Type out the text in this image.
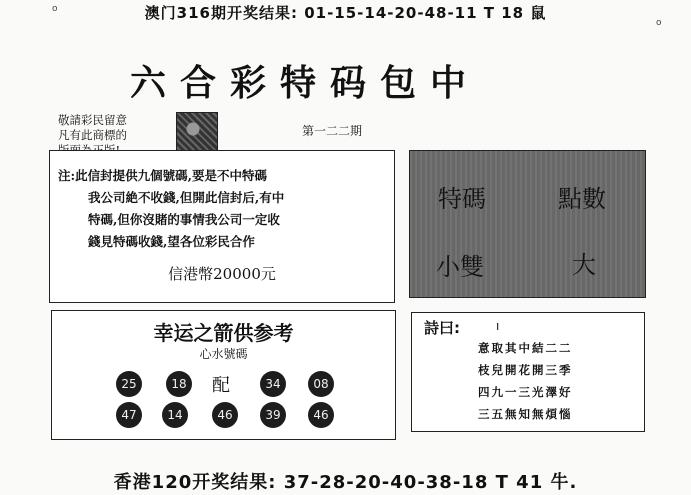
澳门316期开奖结果: 01-15-14-20-48-11 T 18 鼠
o
o
六合彩特码包中
敬請彩民留意
凡有此商標的	第一二二期
注:此信封提供九個號碼,要是不中特碼
我公司絶不收錢,但開此信封后,有中
特碼,但你沒賭的事情我公司一定收
錢見特碼收錢,望各位彩民合作
信港幣20000元
特碼	點數
小雙	大
幸运之箭供参考
心水號碼
25	18 配	34	08
47	14	46	39	46
詩曰:	ı
意取其中結二二
枝兒開花開三季
四九一三光澤好
三五無知無煩惱
香港120开奖结果: 37-28-20-40-38-18 T 41 牛.
